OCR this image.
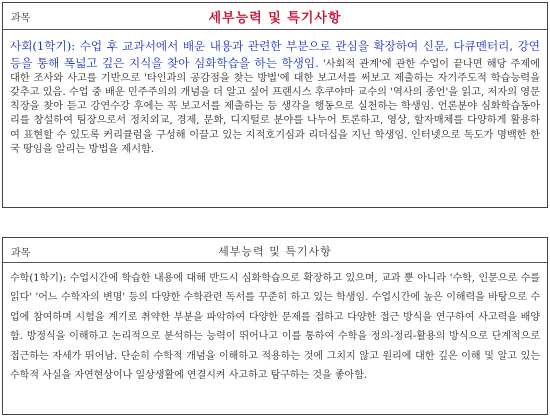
과목	세부능력 및 특기사항
사회(1학기): 수업 후 교과서에서 배운 내용과 관련한 부분으로 관심을 확장하여 신문, 다큐멘터리, 강연 등을 통해 폭넓고 깊은 지식을 찾아 심화학습을 하는 학생임. '사회적 관계'에 관한 수업이 끝나면 해당 주제에 대한 조사와 사고를 기반으로 '타인과의 공감점을 찾는 방법'에 대한 보고서를 써보고 제출하는 자기주도적 학습능력을 갖추고 있음. 수업 중 배운 민주주의의 개념을 더 알고 싶어 프랜시스 후쿠야마 교수의 '역사의 종언'을 읽고, 저자의 영문 칙장을 찾아 듣고 강연수강 후에는 꼭 보고서를 제출하는 등 생각을 행동으로 실천하는 학생임. 언론분야 심화학습동아리를 창설하여 팀장으로서 정치외교, 경제, 문화, 디지털로 분야를 나누어 토론하고, 영상, 할자매체를 다양하게 활용하여 표현할 수 있도록 커리큘럼을 구성해 이끌고 있는 지적호기심과 리더십을 지닌 학생임. 인터넷으로 독도가 명백한 한국 땅임을 알리는 방법을 제시함.
과목	세부능력 및 특기사항
수학(1학기): 수업시간에 학습한 내용에 대해 반드시 심화학습으로 확장하고 있으며, 교과 뿐 아니라 '수학, 인문으로 수를 읽다' '어느 수학자의 변명' 등의 다양한 수학관련 독서를 꾸준히 하고 있는 학생임. 수업시간에 높은 이해력을 바탕으로 수업에 참여하며 시험을 계기로 취약한 부분을 파악하여 다양한 문제를 접하고 다양한 접근 방식을 연구하여 사고력을 배양함. 방정식을 이해하고 논리적으로 분석하는 능력이 뛰어나고 이를 통하여 수학을 정의-정리-활용의 방식으로 단계적으로 접근하는 자세가 뛰어남. 단순히 수학적 개념을 이해하고 적용하는 것에 그치지 않고 원리에 대한 깊은 이해 및 알고 있는 수학적 사실을 자연현상이나 일상생활에 연결시켜 사고하고 탐구하는 것을 좋아함.
